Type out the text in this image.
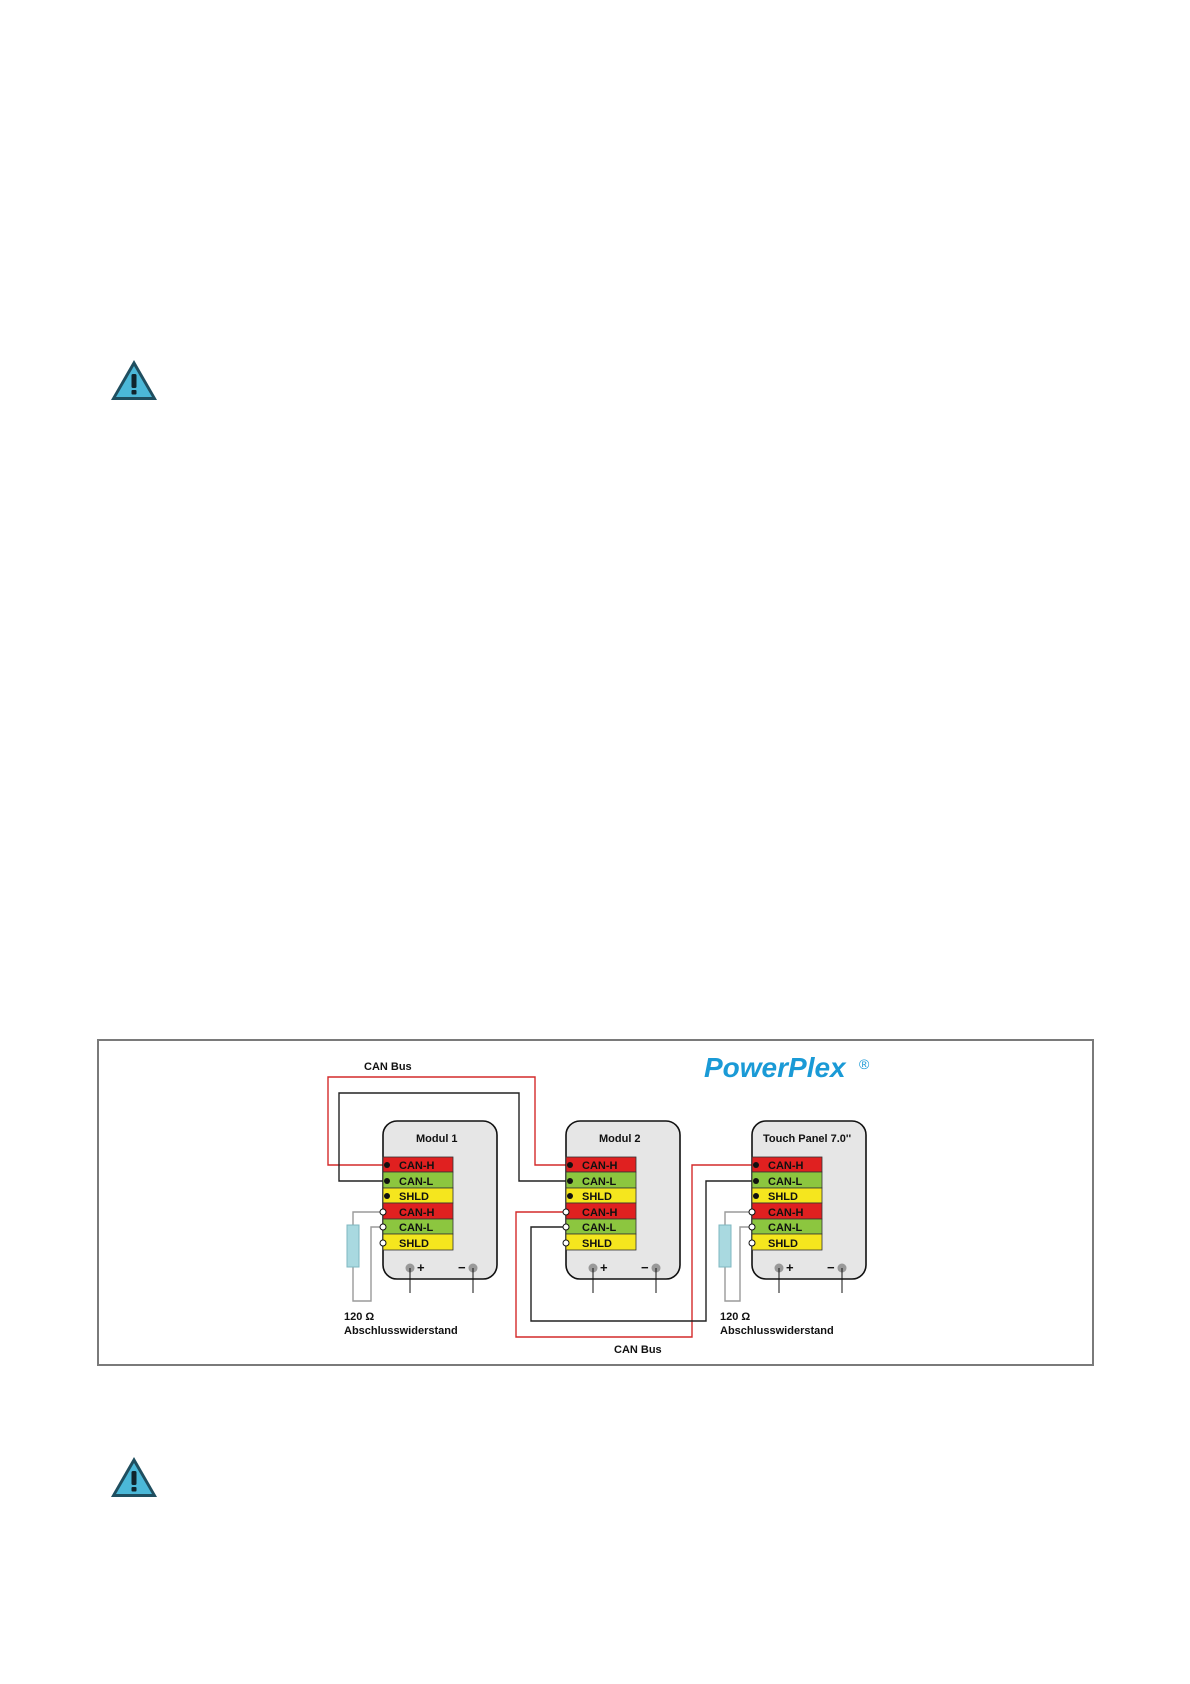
PowerPlex ®
CAN Bus
CAN Bus
120 Ω
Abschlusswiderstand
120 Ω
Abschlusswiderstand
Modul 1
CAN-H
CAN-L
SHLD
CAN-H
CAN-L
SHLD
+	−
Modul 2
CAN-H
CAN-L
SHLD
CAN-H
CAN-L
SHLD
+	−
Touch Panel 7.0''
CAN-H
CAN-L
SHLD
CAN-H
CAN-L
SHLD
+	−
